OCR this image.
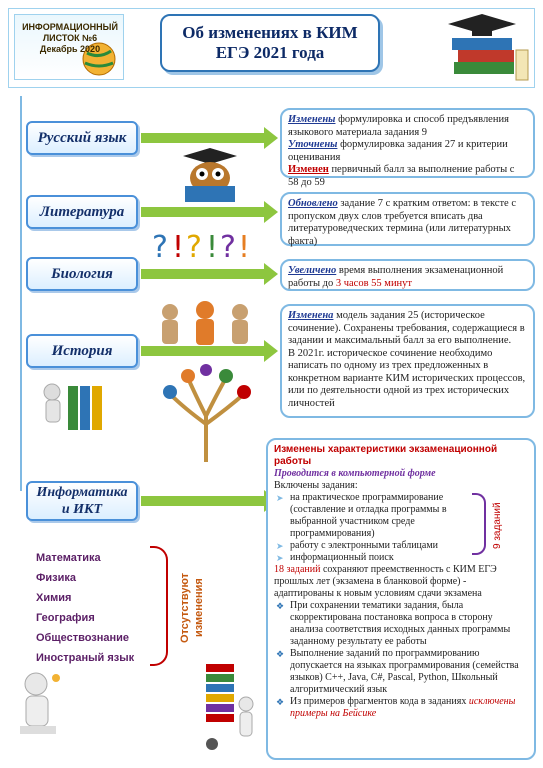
ИНФОРМАЦИОННЫЙ
ЛИСТОК №6
Декабрь 2020
Об изменениях в КИМ
ЕГЭ 2021 года
Русский язык
Изменены формулировка и способ предъявления языкового материала задания 9
Уточнены формулировка задания 27 и критерии оценивания
Изменен первичный балл за выполнение работы с 58 до 59
Литература	Обновлено задание 7 с кратким ответом: в тексте с пропуском двух слов требуется вписать два литературоведческих термина (или литературных факта)
? ! ? ! ? !
Биология	Увеличено время выполнения экзаменационной работы до 3 часов 55 минут
История
Изменена модель задания 25 (историческое сочинение). Сохранены требования, содержащиеся в задании и максимальный балл за его выполнение.
В 2021г. историческое сочинение необходимо написать по одному из трех предложенных в конкретном варианте КИМ исторических процессов, или по деятельности одной из трех исторических личностей
Информатика
и ИКТ
Изменены характеристики экзаменационной работы
Проводится в компьютерной форме
Включены задания:
➤ на практическое программирование (составление и отладка программы в выбранной участником среде программирования)
➤ работу с электронными таблицами
➤ информационный поиск
18 заданий сохраняют преемственность с КИМ ЕГЭ прошлых лет (экзамена в бланковой форме) - адаптированы к новым условиям сдачи экзамена
❖ При сохранении тематики задания, была скорректирована постановка вопроса в сторону анализа соответствия исходных данных программы заданному результату ее работы
❖ Выполнение заданий по программированию допускается на языках программирования (семейства языков) C++, Java, C#, Pascal, Python, Школьный алгоритмический язык
❖ Из примеров фрагментов кода в заданиях исключены примеры на Бейсике
9 заданий
Математика
Физика
Химия
География
Обществознание
Иностраный язык
Отсутствуют изменения
